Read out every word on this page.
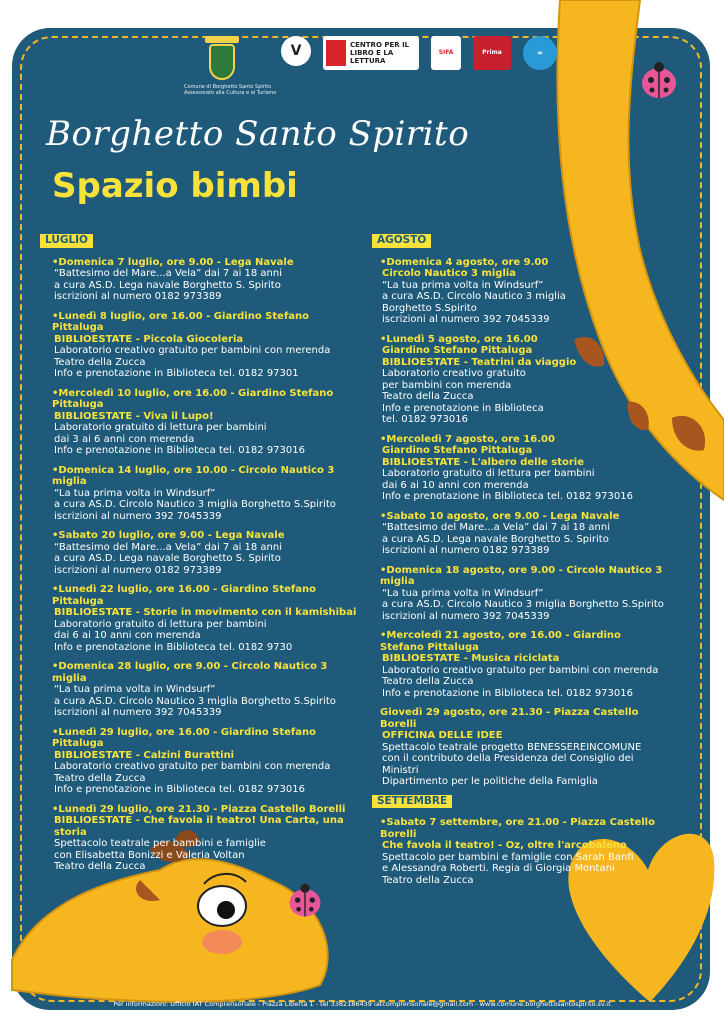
V	CENTRO PER IL LIBRO E LA LETTURA
SIFA	Prima	≈
Comune di Borghetto Santo Spirito
Assessorato alla Cultura e al Turismo
Borghetto Santo Spirito
Spazio bimbi
LUGLIO
•Domenica 7 luglio, ore 9.00 - Lega Navale
“Battesimo del Mare...a Vela” dai 7 ai 18 anni
a cura AS.D. Lega navale Borghetto S. Spirito
iscrizioni al numero 0182 973389
•Lunedì 8 luglio, ore 16.00 - Giardino Stefano Pittaluga
BIBLIOESTATE - Piccola Giocoleria
Laboratorio creativo gratuito per bambini con merenda
Teatro della Zucca
Info e prenotazione in Biblioteca tel. 0182 97301
•Mercoledì 10 luglio, ore 16.00 - Giardino Stefano Pittaluga
BIBLIOESTATE - Viva il Lupo!
Laboratorio gratuito di lettura per bambini
dai 3 ai 6 anni con merenda
Info e prenotazione in Biblioteca tel. 0182 973016
•Domenica 14 luglio, ore 10.00 - Circolo Nautico 3 miglia
“La tua prima volta in Windsurf”
a cura AS.D. Circolo Nautico 3 miglia Borghetto S.Spirito
iscrizioni al numero 392 7045339
•Sabato 20 luglio, ore 9.00 - Lega Navale
“Battesimo del Mare...a Vela” dai 7 ai 18 anni
a cura AS.D. Lega navale Borghetto S. Spirito
iscrizioni al numero 0182 973389
•Lunedì 22 luglio, ore 16.00 - Giardino Stefano Pittaluga
BIBLIOESTATE - Storie in movimento con il kamishibai
Laboratorio gratuito di lettura per bambini
dai 6 ai 10 anni con merenda
Info e prenotazione in Biblioteca tel. 0182 9730
•Domenica 28 luglio, ore 9.00 - Circolo Nautico 3 miglia
“La tua prima volta in Windsurf”
a cura AS.D. Circolo Nautico 3 miglia Borghetto S.Spirito
iscrizioni al numero 392 7045339
•Lunedì 29 luglio, ore 16.00 - Giardino Stefano Pittaluga
BIBLIOESTATE - Calzini Burattini
Laboratorio creativo gratuito per bambini con merenda
Teatro della Zucca
Info e prenotazione in Biblioteca tel. 0182 973016
•Lunedì 29 luglio, ore 21.30 - Piazza Castello Borelli
BIBLIOESTATE - Che favola il teatro! Una Carta, una storia
Spettacolo teatrale per bambini e famiglie
con Elisabetta Bonizzi e Valeria Voltan
Teatro della Zucca
AGOSTO
•Domenica 4 agosto, ore 9.00
Circolo Nautico 3 miglia
“La tua prima volta in Windsurf”
a cura AS.D. Circolo Nautico 3 miglia
Borghetto S.Spirito
iscrizioni al numero 392 7045339
•Lunedì 5 agosto, ore 16.00
Giardino Stefano Pittaluga
BIBLIOESTATE - Teatrini da viaggio
Laboratorio creativo gratuito
per bambini con merenda
Teatro della Zucca
Info e prenotazione in Biblioteca
tel. 0182 973016
•Mercoledì 7 agosto, ore 16.00
Giardino Stefano Pittaluga
BIBLIOESTATE - L'albero delle storie
Laboratorio gratuito di lettura per bambini
dai 6 ai 10 anni con merenda
Info e prenotazione in Biblioteca tel. 0182 973016
•Sabato 10 agosto, ore 9.00 - Lega Navale
“Battesimo del Mare...a Vela” dai 7 ai 18 anni
a cura AS.D. Lega navale Borghetto S. Spirito
iscrizioni al numero 0182 973389
•Domenica 18 agosto, ore 9.00 - Circolo Nautico 3 miglia
“La tua prima volta in Windsurf”
a cura AS.D. Circolo Nautico 3 miglia Borghetto S.Spirito
iscrizioni al numero 392 7045339
•Mercoledì 21 agosto, ore 16.00 - Giardino Stefano Pittaluga
BIBLIOESTATE - Musica riciclata
Laboratorio creativo gratuito per bambini con merenda
Teatro della Zucca
Info e prenotazione in Biblioteca tel. 0182 973016
Giovedì 29 agosto, ore 21.30 - Piazza Castello Borelli
OFFICINA DELLE IDEE
Spettacolo teatrale progetto BENESSEREINCOMUNE
con il contributo della Presidenza del Consiglio dei Ministri
Dipartimento per le politiche della Famiglia
SETTEMBRE
•Sabato 7 settembre, ore 21.00 - Piazza Castello Borelli
Che favola il teatro! - Oz, oltre l'arcobaleno
Spettacolo per bambini e famiglie con Sarah Banfi
e Alessandra Roberti. Regia di Giorgia Montani
Teatro della Zucca
Per informazioni: Ufficio IAT Comprensoriale - Piazza Libertà 1 - tel 3382186439 iatcomprensoriale@gmail.com - www.comune.borghettosantospirito.sv.it
Biblioteca Civica tel. 0182 973.016 - biblioteca@comune.borghettosantospirito.sv.it - www.sistemabibliotecariovallevaratella.it - Facebook: sistemabibliotecariovalvaratella
